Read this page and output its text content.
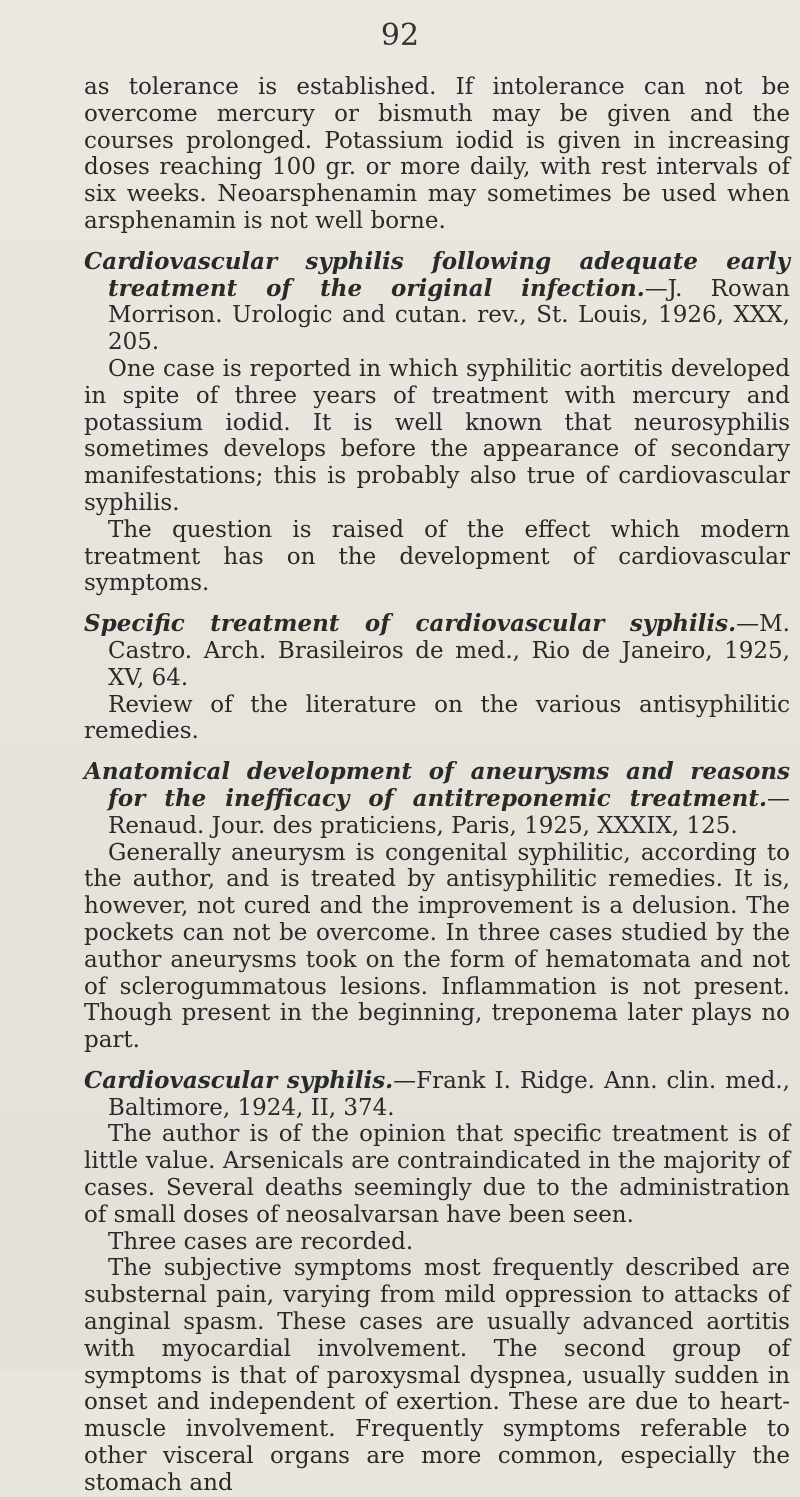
92

as tolerance is established. If intolerance can not be overcome mercury or bismuth may be given and the courses prolonged. Potassium iodid is given in increasing doses reaching 100 gr. or more daily, with rest intervals of six weeks. Neoarsphenamin may sometimes be used when arsphenamin is not well borne.

Cardiovascular syphilis following adequate early treatment of the original infection.—J. Rowan Morrison. Urologic and cutan. rev., St. Louis, 1926, XXX, 205.

One case is reported in which syphilitic aortitis developed in spite of three years of treatment with mercury and potassium iodid. It is well known that neurosyphilis sometimes develops before the appearance of secondary manifestations; this is probably also true of cardiovascular syphilis.

The question is raised of the effect which modern treatment has on the development of cardiovascular symptoms.

Specific treatment of cardiovascular syphilis.—M. Castro. Arch. Brasileiros de med., Rio de Janeiro, 1925, XV, 64.

Review of the literature on the various antisyphilitic remedies.

Anatomical development of aneurysms and reasons for the inefficacy of antitreponemic treatment.—Renaud. Jour. des praticiens, Paris, 1925, XXXIX, 125.

Generally aneurysm is congenital syphilitic, according to the author, and is treated by antisyphilitic remedies. It is, however, not cured and the improvement is a delusion. The pockets can not be overcome. In three cases studied by the author aneurysms took on the form of hematomata and not of sclerogummatous lesions. Inflammation is not present. Though present in the beginning, treponema later plays no part.

Cardiovascular syphilis.—Frank I. Ridge. Ann. clin. med., Baltimore, 1924, II, 374.

The author is of the opinion that specific treatment is of little value. Arsenicals are contraindicated in the majority of cases. Several deaths seemingly due to the administration of small doses of neosalvarsan have been seen.

Three cases are recorded.

The subjective symptoms most frequently described are substernal pain, varying from mild oppression to attacks of anginal spasm. These cases are usually advanced aortitis with myocardial involvement. The second group of symptoms is that of paroxysmal dyspnea, usually sudden in onset and independent of exertion. These are due to heart-muscle involvement. Frequently symptoms referable to other visceral organs are more common, especially the stomach and
